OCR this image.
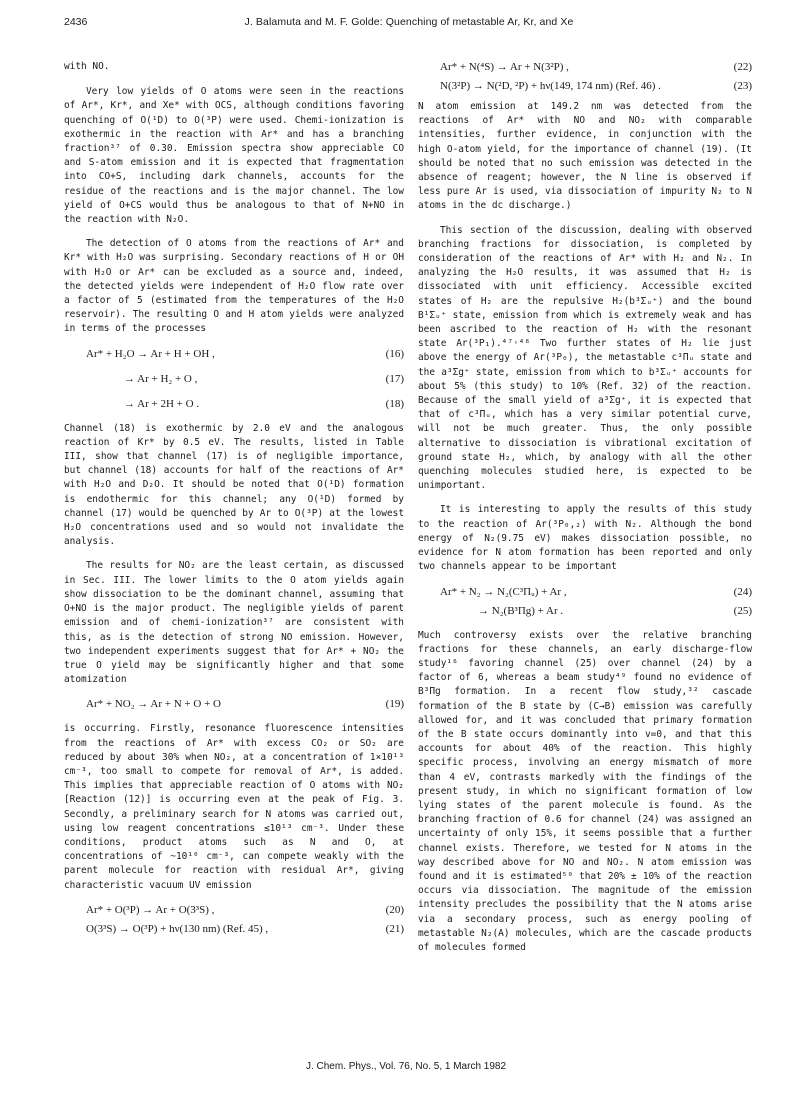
2436	J. Balamuta and M. F. Golde: Quenching of metastable Ar, Kr, and Xe

with NO.

Very low yields of O atoms were seen in the reactions of Ar*, Kr*, and Xe* with OCS, although conditions favoring quenching of O(¹D) to O(³P) were used. Chemi-ionization is exothermic in the reaction with Ar* and has a branching fraction³⁷ of 0.30. Emission spectra show appreciable CO and S-atom emission and it is expected that fragmentation into CO+S, including dark channels, accounts for the residue of the reactions and is the major channel. The low yield of O+CS would thus be analogous to that of N+NO in the reaction with N₂O.

The detection of O atoms from the reactions of Ar* and Kr* with H₂O was surprising. Secondary reactions of H or OH with H₂O or Ar* can be excluded as a source and, indeed, the detected yields were independent of H₂O flow rate over a factor of 5 (estimated from the temperatures of the H₂O reservoir). The resulting O and H atom yields were analyzed in terms of the processes

Ar* + H₂O → Ar + H + OH ,	(16)
→ Ar + H₂ + O ,	(17)
→ Ar + 2H + O .	(18)

Channel (18) is exothermic by 2.0 eV and the analogous reaction of Kr* by 0.5 eV. The results, listed in Table III, show that channel (17) is of negligible importance, but channel (18) accounts for half of the reactions of Ar* with H₂O and D₂O. It should be noted that O(¹D) formation is endothermic for this channel; any O(¹D) formed by channel (17) would be quenched by Ar to O(³P) at the lowest H₂O concentrations used and so would not invalidate the analysis.

The results for NO₂ are the least certain, as discussed in Sec. III. The lower limits to the O atom yields again show dissociation to be the dominant channel, assuming that O+NO is the major product. The negligible yields of parent emission and of chemi-ionization³⁷ are consistent with this, as is the detection of strong NO emission. However, two independent experiments suggest that for Ar* + NO₂ the true O yield may be significantly higher and that some atomization

Ar* + NO₂ → Ar + N + O + O	(19)

is occurring. Firstly, resonance fluorescence intensities from the reactions of Ar* with excess CO₂ or SO₂ are reduced by about 30% when NO₂, at a concentration of 1×10¹³ cm⁻³, too small to compete for removal of Ar*, is added. This implies that appreciable reaction of O atoms with NO₂ [Reaction (12)] is occurring even at the peak of Fig. 3. Secondly, a preliminary search for N atoms was carried out, using low reagent concentrations ≲10¹³ cm⁻³. Under these conditions, product atoms such as N and O, at concentrations of ~10¹⁰ cm⁻³, can compete weakly with the parent molecule for reaction with residual Ar*, giving characteristic vacuum UV emission

Ar* + O(³P) → Ar + O(3³S) ,	(20)
O(3³S) → O(³P) + hν(130 nm) (Ref. 45) ,	(21)
Ar* + N(⁴S) → Ar + N(3²P) ,	(22)
N(3²P) → N(²D, ²P) + hν(149, 174 nm) (Ref. 46) .	(23)

N atom emission at 149.2 nm was detected from the reactions of Ar* with NO and NO₂ with comparable intensities, further evidence, in conjunction with the high O-atom yield, for the importance of channel (19). (It should be noted that no such emission was detected in the absence of reagent; however, the N line is observed if less pure Ar is used, via dissociation of impurity N₂ to N atoms in the dc discharge.)

This section of the discussion, dealing with observed branching fractions for dissociation, is completed by consideration of the reactions of Ar* with H₂ and N₂. In analyzing the H₂O results, it was assumed that H₂ is dissociated with unit efficiency. Accessible excited states of H₂ are the repulsive H₂(b³Σᵤ⁺) and the bound B¹Σᵤ⁺ state, emission from which is extremely weak and has been ascribed to the reaction of H₂ with the resonant state Ar(³P₁).⁴⁷˒⁴⁸ Two further states of H₂ lie just above the energy of Ar(³P₀), the metastable c³Πᵤ state and the a³Σg⁺ state, emission from which to b³Σᵤ⁺ accounts for about 5% (this study) to 10% (Ref. 32) of the reaction. Because of the small yield of a³Σg⁺, it is expected that that of c³Πᵤ, which has a very similar potential curve, will not be much greater. Thus, the only possible alternative to dissociation is vibrational excitation of ground state H₂, which, by analogy with all the other quenching molecules studied here, is expected to be unimportant.

It is interesting to apply the results of this study to the reaction of Ar(³P₀,₂) with N₂. Although the bond energy of N₂(9.75 eV) makes dissociation possible, no evidence for N atom formation has been reported and only two channels appear to be important

Ar* + N₂ → N₂(C³Πᵤ) + Ar ,	(24)
→ N₂(B³Πg) + Ar .	(25)

Much controversy exists over the relative branching fractions for these channels, an early discharge-flow study¹⁶ favoring channel (25) over channel (24) by a factor of 6, whereas a beam study⁴⁹ found no evidence of B³Πg formation. In a recent flow study,³² cascade formation of the B state by (C→B) emission was carefully allowed for, and it was concluded that primary formation of the B state occurs dominantly into v=0, and that this accounts for about 40% of the reaction. This highly specific process, involving an energy mismatch of more than 4 eV, contrasts markedly with the findings of the present study, in which no significant formation of low lying states of the parent molecule is found. As the branching fraction of 0.6 for channel (24) was assigned an uncertainty of only 15%, it seems possible that a further channel exists. Therefore, we tested for N atoms in the way described above for NO and NO₂. N atom emission was found and it is estimated⁵⁰ that 20% ± 10% of the reaction occurs via dissociation. The magnitude of the emission intensity precludes the possibility that the N atoms arise via a secondary process, such as energy pooling of metastable N₂(A) molecules, which are the cascade products of molecules formed

J. Chem. Phys., Vol. 76, No. 5, 1 March 1982
